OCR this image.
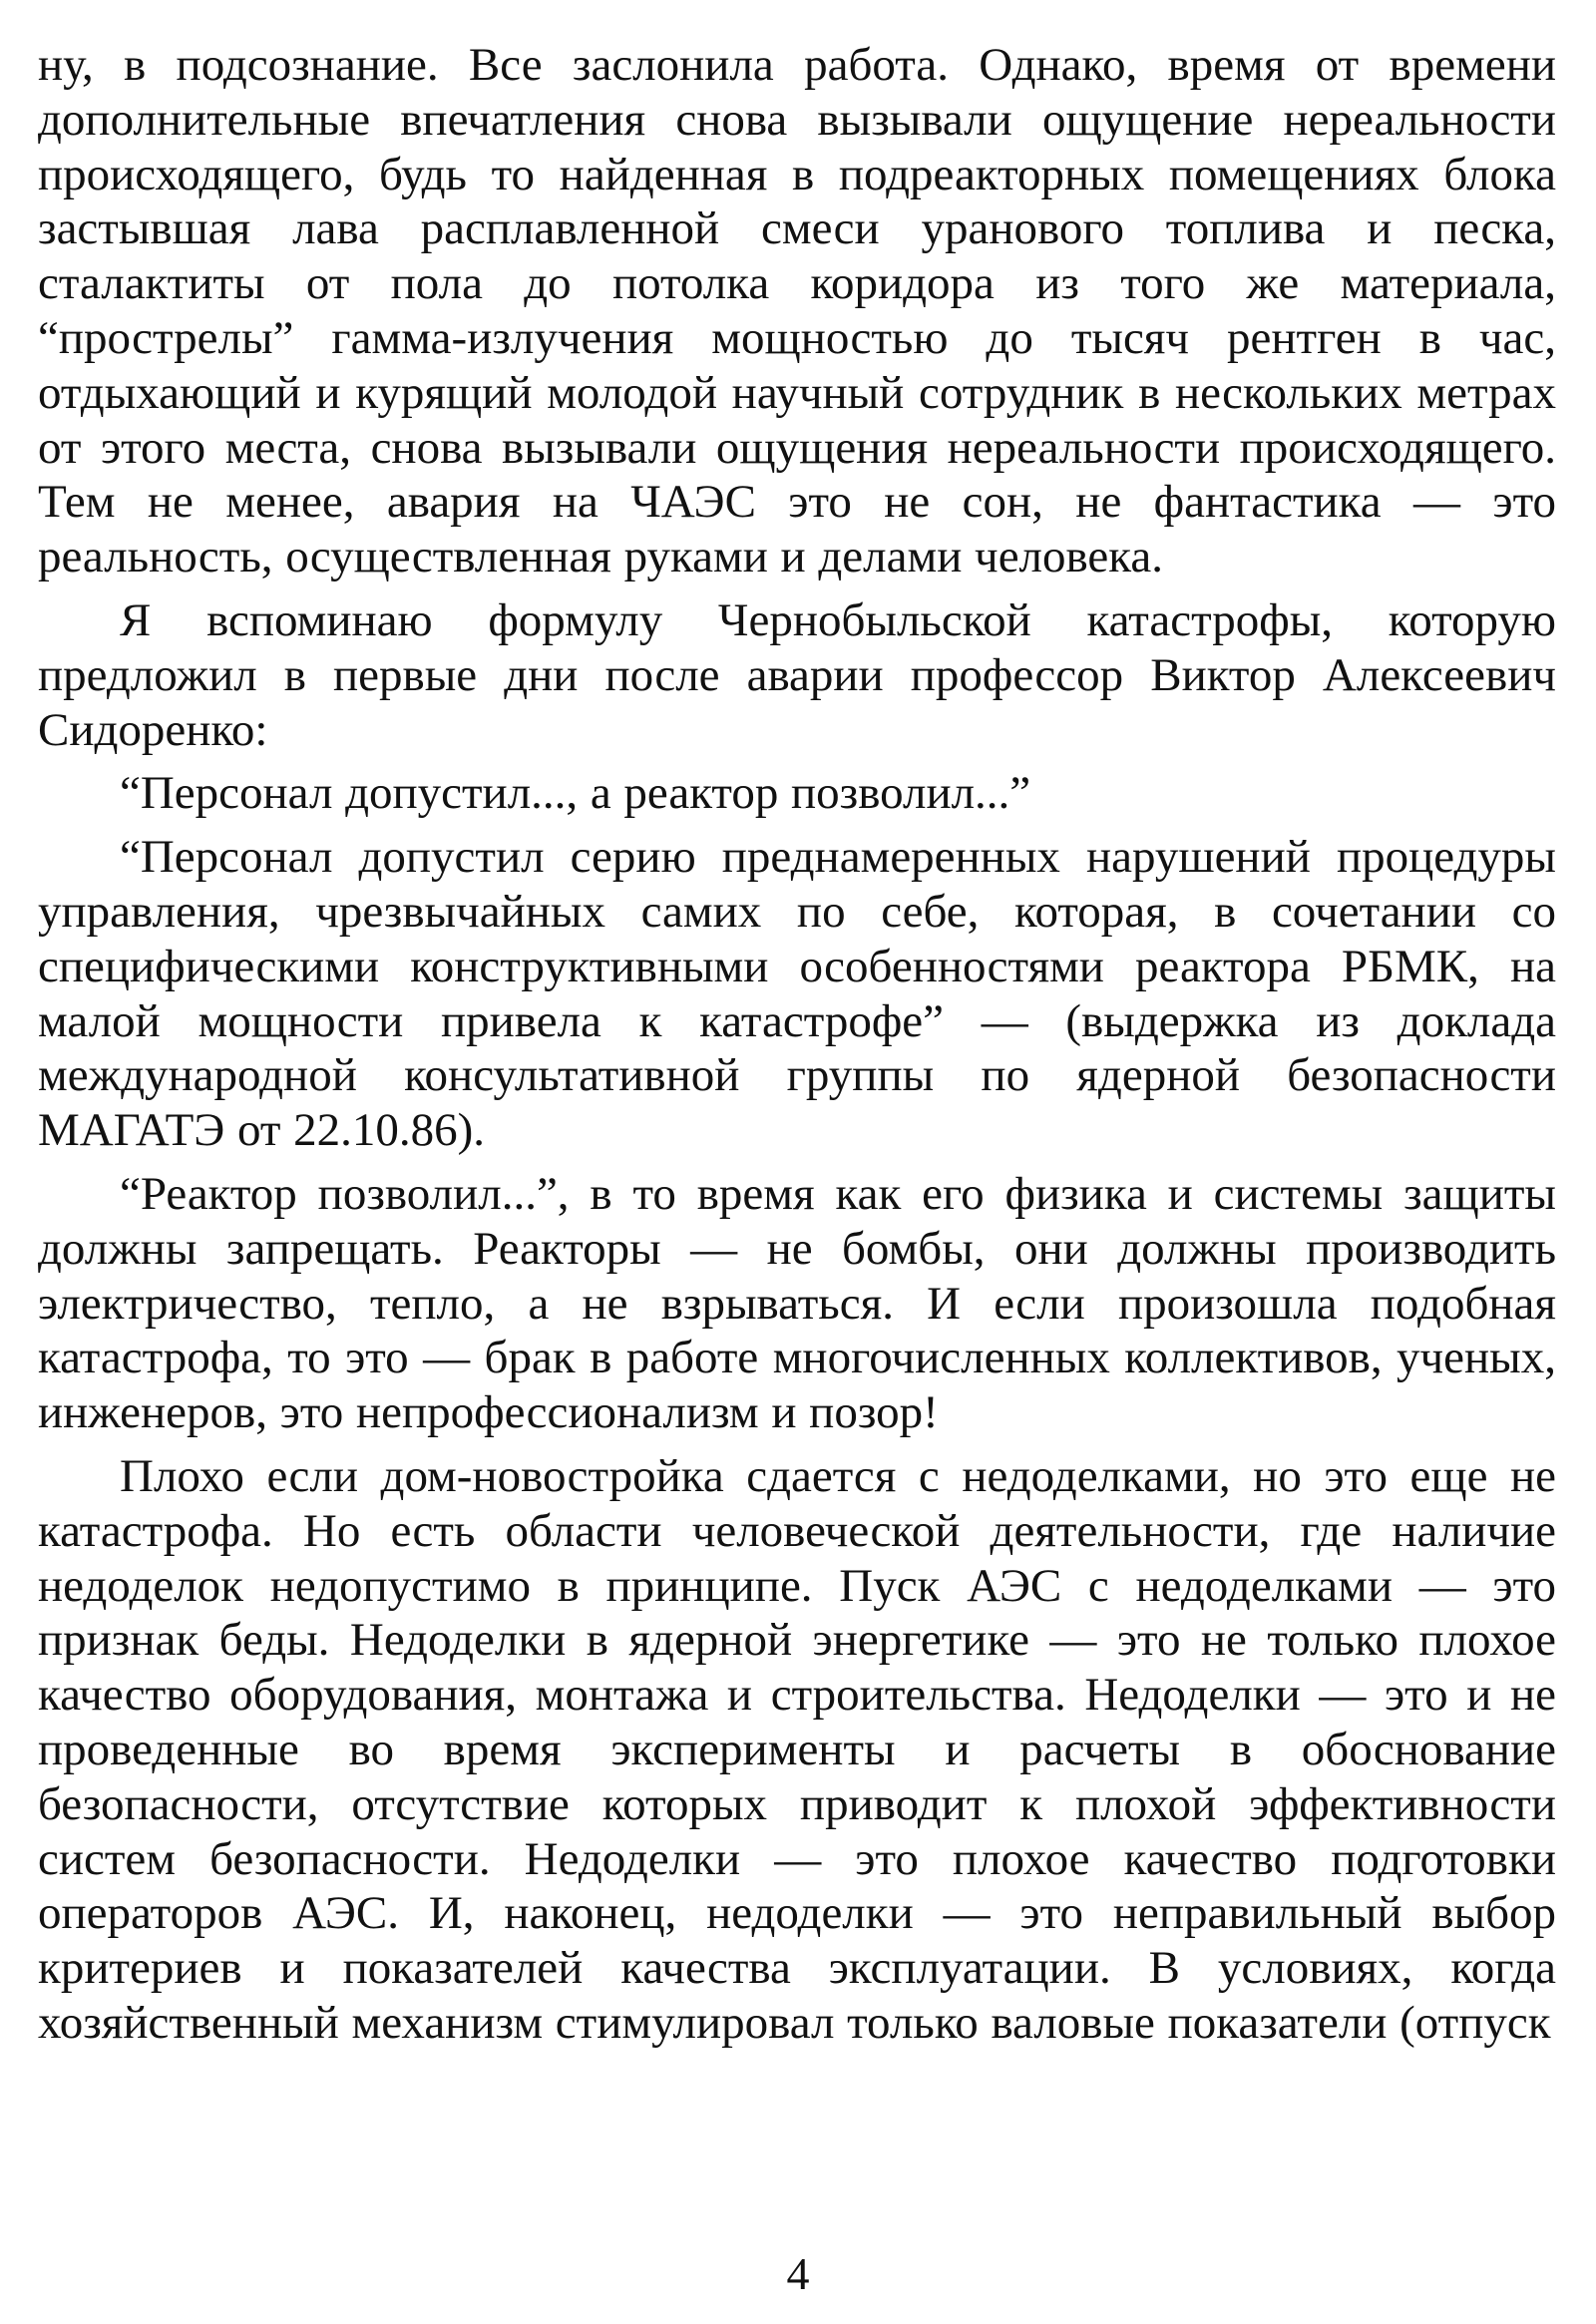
ну, в подсознание. Все заслонила работа. Однако, время от времени дополнительные впечатления снова вызывали ощущение нереальности происходящего, будь то найденная в подреакторных помещениях блока застывшая лава расплавленной смеси уранового топлива и песка, сталактиты от пола до потолка коридора из того же материала, “прострелы” гамма-излучения мощностью до тысяч рентген в час, отдыхающий и курящий молодой научный сотрудник в нескольких метрах от этого места, снова вызывали ощущения нереальности происходящего. Тем не менее, авария на ЧАЭС это не сон, не фантастика — это реальность, осуществленная руками и делами человека.

Я вспоминаю формулу Чернобыльской катастрофы, которую предложил в первые дни после аварии профессор Виктор Алексеевич Сидоренко:

“Персонал допустил..., а реактор позволил...”

“Персонал допустил серию преднамеренных нарушений процедуры управления, чрезвычайных самих по себе, которая, в сочетании со специфическими конструктивными особенностями реактора РБМК, на малой мощности привела к катастрофе” — (выдержка из доклада международной консультативной группы по ядерной безопасности МАГАТЭ от 22.10.86).

“Реактор позволил...”, в то время как его физика и системы защиты должны запрещать. Реакторы — не бомбы, они должны производить электричество, тепло, а не взрываться. И если произошла подобная катастрофа, то это — брак в работе многочисленных коллективов, ученых, инженеров, это непрофессионализм и позор!

Плохо если дом-новостройка сдается с недоделками, но это еще не катастрофа. Но есть области человеческой деятельности, где наличие недоделок недопустимо в принципе. Пуск АЭС с недоделками — это признак беды. Недоделки в ядерной энергетике — это не только плохое качество оборудования, монтажа и строительства. Недоделки — это и не проведенные во время эксперименты и расчеты в обоснование безопасности, отсутствие которых приводит к плохой эффективности систем безопасности. Недоделки — это плохое качество подготовки операторов АЭС. И, наконец, недоделки — это неправильный выбор критериев и показателей качества эксплуатации. В условиях, когда хозяйственный механизм стимулировал только валовые показатели (отпуск

4
